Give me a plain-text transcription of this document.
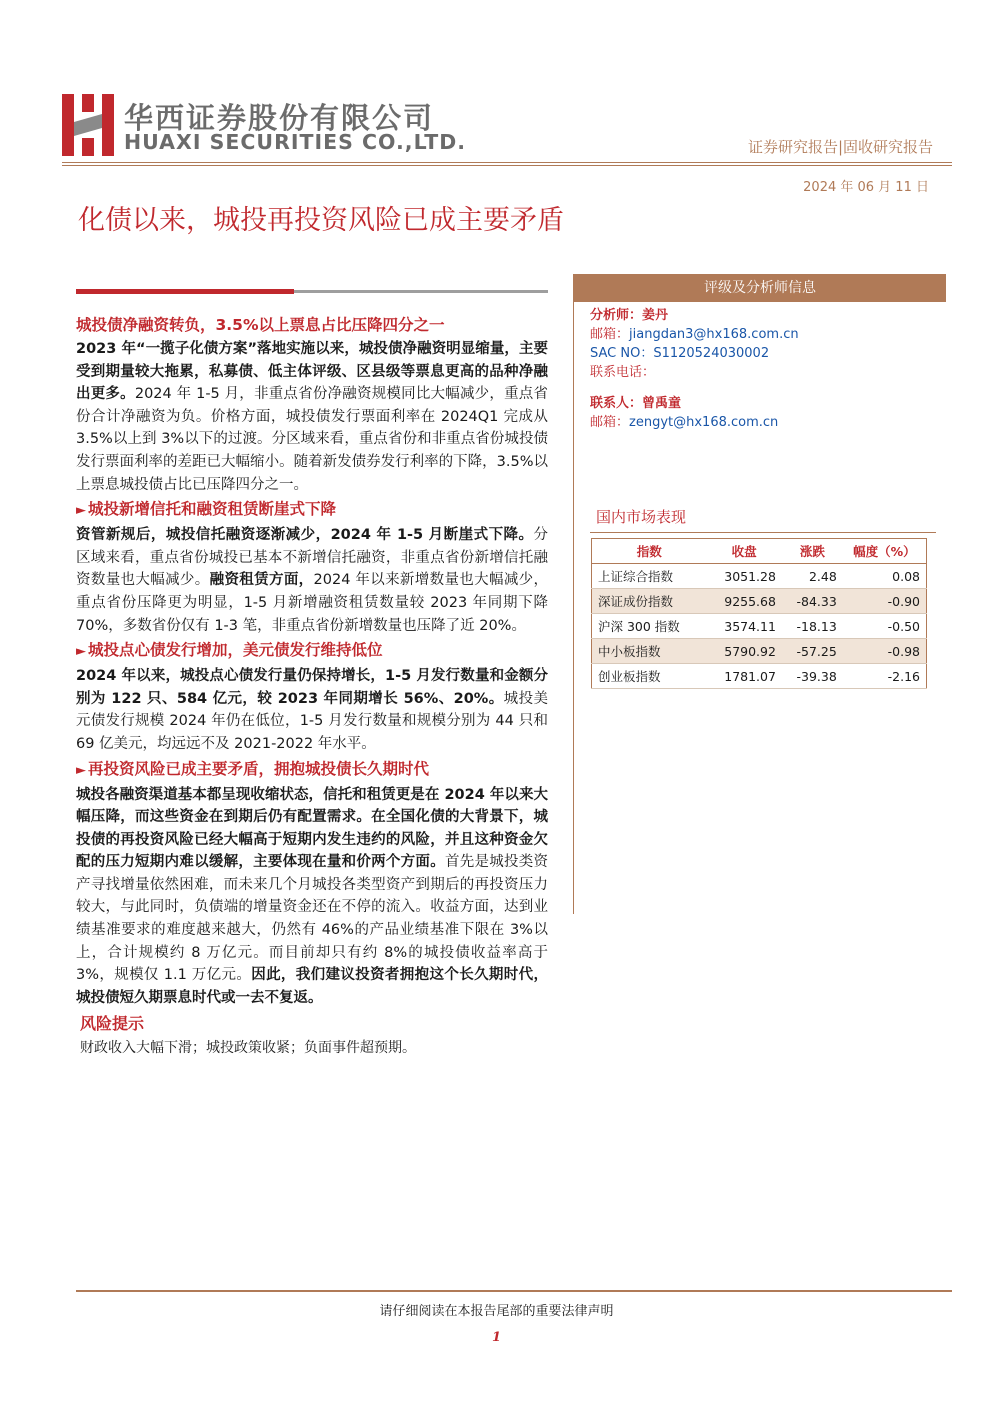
华西证券股份有限公司
HUAXI SECURITIES CO.,LTD.	证券研究报告|固收研究报告
2024 年 06 月 11 日
化债以来，城投再投资风险已成主要矛盾
城投债净融资转负，3.5%以上票息占比压降四分之一
2023 年“一揽子化债方案”落地实施以来，城投债净融资明显缩量，主要受到期量较大拖累，私募债、低主体评级、区县级等票息更高的品种净融出更多。2024 年 1-5 月，非重点省份净融资规模同比大幅减少，重点省份合计净融资为负。价格方面，城投债发行票面利率在 2024Q1 完成从 3.5%以上到 3%以下的过渡。分区域来看，重点省份和非重点省份城投债发行票面利率的差距已大幅缩小。随着新发债券发行利率的下降，3.5%以上票息城投债占比已压降四分之一。
► 城投新增信托和融资租赁断崖式下降
资管新规后，城投信托融资逐渐减少，2024 年 1-5 月断崖式下降。分区域来看，重点省份城投已基本不新增信托融资，非重点省份新增信托融资数量也大幅减少。融资租赁方面，2024 年以来新增数量也大幅减少，重点省份压降更为明显，1-5 月新增融资租赁数量较 2023 年同期下降 70%，多数省份仅有 1-3 笔，非重点省份新增数量也压降了近 20%。
► 城投点心债发行增加，美元债发行维持低位
2024 年以来，城投点心债发行量仍保持增长，1-5 月发行数量和金额分别为 122 只、584 亿元，较 2023 年同期增长 56%、20%。城投美元债发行规模 2024 年仍在低位，1-5 月发行数量和规模分别为 44 只和 69 亿美元，均远远不及 2021-2022 年水平。
► 再投资风险已成主要矛盾，拥抱城投债长久期时代
城投各融资渠道基本都呈现收缩状态，信托和租赁更是在 2024 年以来大幅压降，而这些资金在到期后仍有配置需求。在全国化债的大背景下，城投债的再投资风险已经大幅高于短期内发生违约的风险，并且这种资金欠配的压力短期内难以缓解，主要体现在量和价两个方面。首先是城投类资产寻找增量依然困难，而未来几个月城投各类型资产到期后的再投资压力较大，与此同时，负债端的增量资金还在不停的流入。收益方面，达到业绩基准要求的难度越来越大，仍然有 46%的产品业绩基准下限在 3%以上，合计规模约 8 万亿元。而目前却只有约 8%的城投债收益率高于 3%，规模仅 1.1 万亿元。因此，我们建议投资者拥抱这个长久期时代，城投债短久期票息时代或一去不复返。
风险提示
财政收入大幅下滑；城投政策收紧；负面事件超预期。
评级及分析师信息
分析师：姜丹
邮箱：jiangdan3@hx168.com.cn
SAC NO：S1120524030002
联系电话：
联系人：曾禹童
邮箱：zengyt@hx168.com.cn
国内市场表现
指数	收盘	涨跌	幅度（%）
上证综合指数	3051.28	2.48	0.08
深证成份指数	9255.68	-84.33	-0.90
沪深 300 指数	3574.11	-18.13	-0.50
中小板指数	5790.92	-57.25	-0.98
创业板指数	1781.07	-39.38	-2.16
请仔细阅读在本报告尾部的重要法律声明
1
